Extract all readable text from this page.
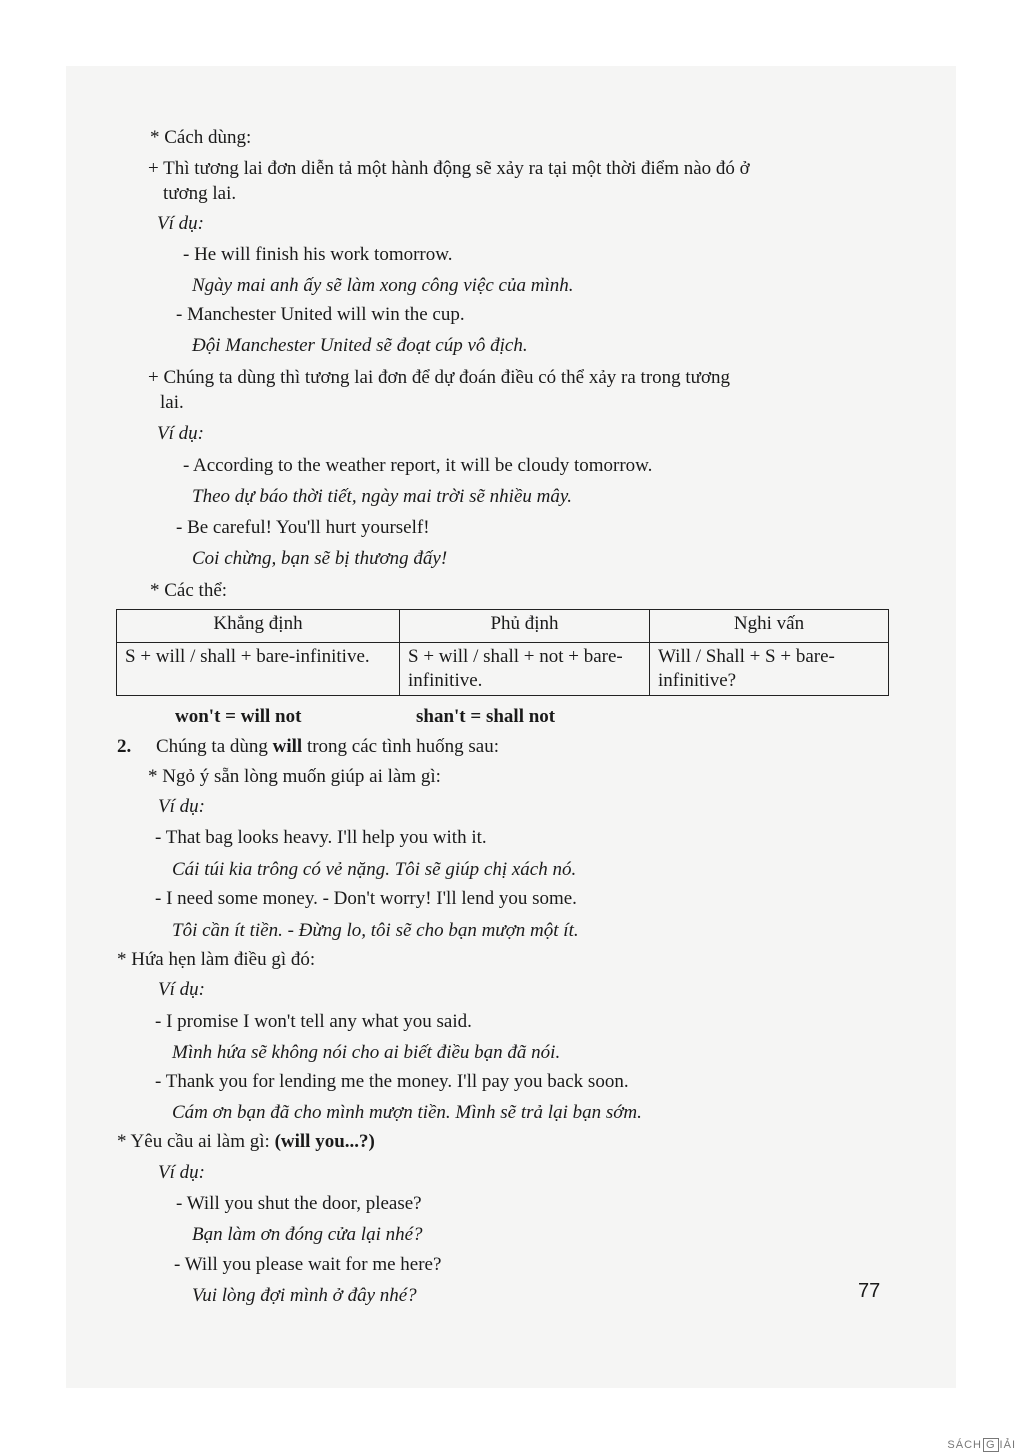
* Cách dùng:
+ Thì tương lai đơn diễn tả một hành động sẽ xảy ra tại một thời điểm nào đó ở
tương lai.
Ví dụ:
- He will finish his work tomorrow.
Ngày mai anh ấy sẽ làm xong công việc của mình.
- Manchester United will win the cup.
Đội Manchester United sẽ đoạt cúp vô địch.
+ Chúng ta dùng thì tương lai đơn để dự đoán điều có thể xảy ra trong tương
lai.
Ví dụ:
- According to the weather report, it will be cloudy tomorrow.
Theo dự báo thời tiết, ngày mai trời sẽ nhiều mây.
- Be careful! You'll hurt yourself!
Coi chừng, bạn sẽ bị thương đấy!
* Các thể:
Khẳng định	Phủ định	Nghi vấn
S + will / shall + bare-infinitive.	S + will / shall + not + bare-infinitive.	Will / Shall + S + bare-infinitive?
won't = will not	shan't = shall not
2. Chúng ta dùng will trong các tình huống sau:
* Ngỏ ý sẵn lòng muốn giúp ai làm gì:
Ví dụ:
- That bag looks heavy. I'll help you with it.
Cái túi kia trông có vẻ nặng. Tôi sẽ giúp chị xách nó.
- I need some money. - Don't worry! I'll lend you some.
Tôi cần ít tiền. - Đừng lo, tôi sẽ cho bạn mượn một ít.
* Hứa hẹn làm điều gì đó:
Ví dụ:
- I promise I won't tell any what you said.
Mình hứa sẽ không nói cho ai biết điều bạn đã nói.
- Thank you for lending me the money. I'll pay you back soon.
Cám ơn bạn đã cho mình mượn tiền. Mình sẽ trả lại bạn sớm.
* Yêu cầu ai làm gì: (will you...?)
Ví dụ:
- Will you shut the door, please?
Bạn làm ơn đóng cửa lại nhé?
- Will you please wait for me here?
Vui lòng đợi mình ở đây nhé?	77
SÁCH G IẢI
